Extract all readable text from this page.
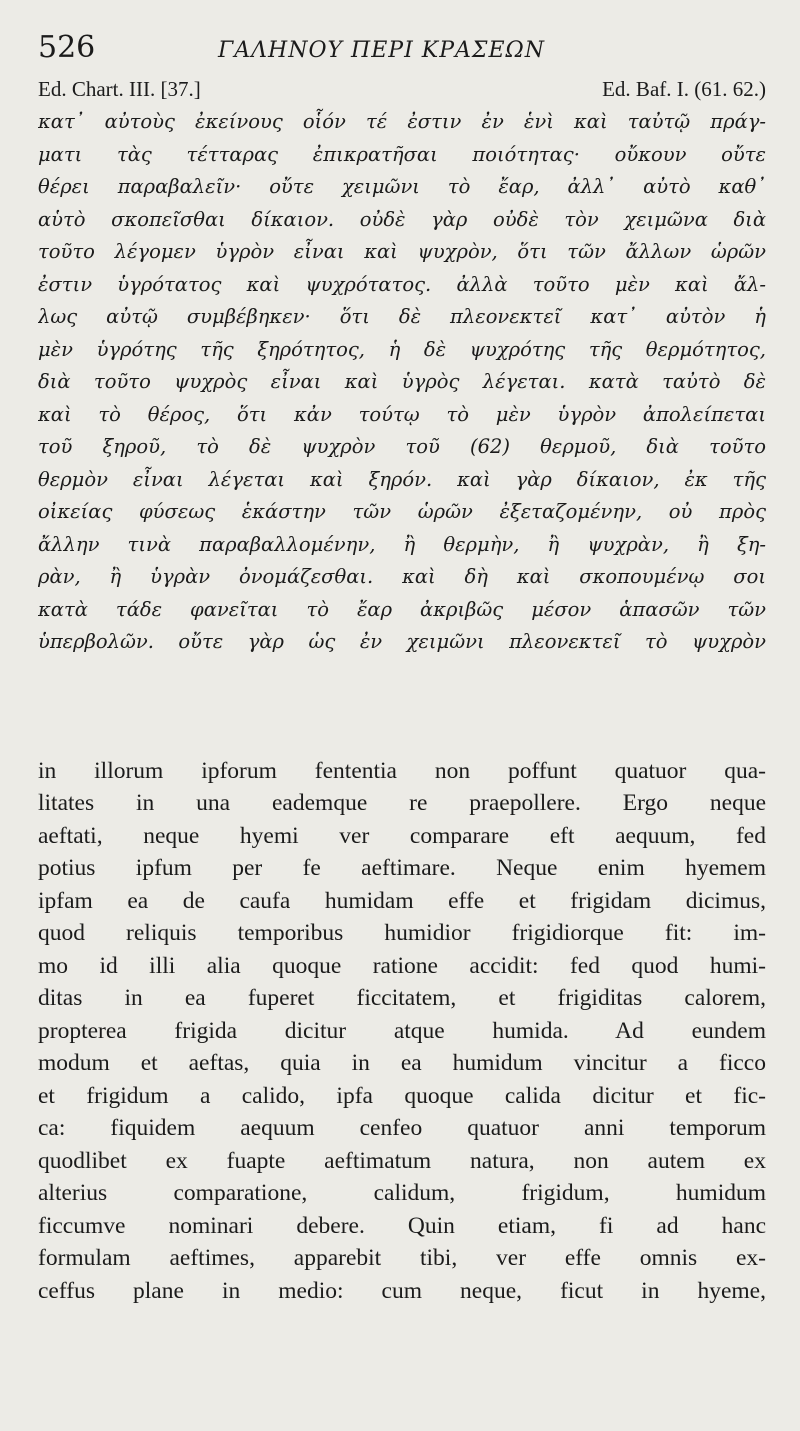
526	ΓΑΛΗΝΟΥ ΠΕΡΙ ΚΡΑΣΕΩΝ
Ed. Chart. III. [37.]	Ed. Baf. I. (61. 62.)
κατ᾽ αὐτοὺς ἐκείνους οἷόν τέ ἐστιν ἐν ἑνὶ καὶ ταὐτῷ πράγ-
ματι τὰς τέτταρας ἐπικρατῆσαι ποιότητας· οὔκουν οὔτε
θέρει παραβαλεῖν· οὔτε χειμῶνι τὸ ἔαρ, ἀλλ᾽ αὐτὸ καθ᾽
αὑτὸ σκοπεῖσθαι δίκαιον. οὐδὲ γὰρ οὐδὲ τὸν χειμῶνα διὰ
τοῦτο λέγομεν ὑγρὸν εἶναι καὶ ψυχρὸν, ὅτι τῶν ἄλλων ὡρῶν
ἐστιν ὑγρότατος καὶ ψυχρότατος. ἀλλὰ τοῦτο μὲν καὶ ἄλ-
λως αὐτῷ συμβέβηκεν· ὅτι δὲ πλεονεκτεῖ κατ᾽ αὐτὸν ἡ
μὲν ὑγρότης τῆς ξηρότητος, ἡ δὲ ψυχρότης τῆς θερμότητος,
διὰ τοῦτο ψυχρὸς εἶναι καὶ ὑγρὸς λέγεται. κατὰ ταὐτὸ δὲ
καὶ τὸ θέρος, ὅτι κἀν τούτῳ τὸ μὲν ὑγρὸν ἀπολείπεται
τοῦ ξηροῦ, τὸ δὲ ψυχρὸν τοῦ (62) θερμοῦ, διὰ τοῦτο
θερμὸν εἶναι λέγεται καὶ ξηρόν. καὶ γὰρ δίκαιον, ἐκ τῆς
οἰκείας φύσεως ἑκάστην τῶν ὡρῶν ἐξεταζομένην, οὐ πρὸς
ἄλλην τινὰ παραβαλλομένην, ἢ θερμὴν, ἢ ψυχρὰν, ἢ ξη-
ρὰν, ἢ ὑγρὰν ὀνομάζεσθαι. καὶ δὴ καὶ σκοπουμένῳ σοι
κατὰ τάδε φανεῖται τὸ ἔαρ ἀκριβῶς μέσον ἁπασῶν τῶν
ὑπερβολῶν. οὔτε γὰρ ὡς ἐν χειμῶνι πλεονεκτεῖ τὸ ψυχρὸν
in illorum ipforum fententia non poffunt quatuor qua-
litates in una eademque re praepollere. Ergo neque
aeftati, neque hyemi ver comparare eft aequum, fed
potius ipfum per fe aeftimare. Neque enim hyemem
ipfam ea de caufa humidam effe et frigidam dicimus,
quod reliquis temporibus humidior frigidiorque fit: im-
mo id illi alia quoque ratione accidit: fed quod humi-
ditas in ea fuperet ficcitatem, et frigiditas calorem,
propterea frigida dicitur atque humida. Ad eundem
modum et aeftas, quia in ea humidum vincitur a ficco
et frigidum a calido, ipfa quoque calida dicitur et fic-
ca: fiquidem aequum cenfeo quatuor anni temporum
quodlibet ex fuapte aeftimatum natura, non autem ex
alterius comparatione, calidum, frigidum, humidum
ficcumve nominari debere. Quin etiam, fi ad hanc
formulam aeftimes, apparebit tibi, ver effe omnis ex-
ceffus plane in medio: cum neque, ficut in hyeme,
